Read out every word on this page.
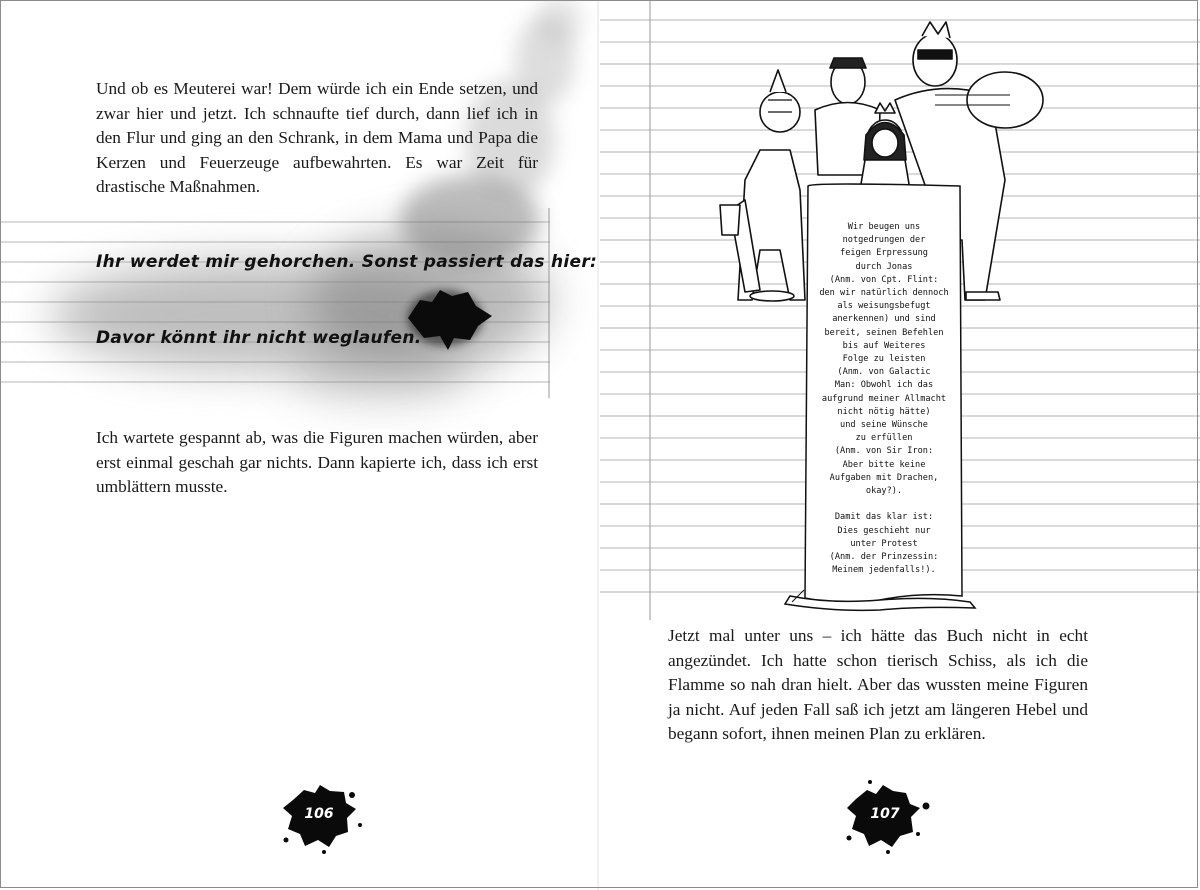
Und ob es Meuterei war! Dem würde ich ein Ende setzen, und zwar hier und jetzt. Ich schnaufte tief durch, dann lief ich in den Flur und ging an den Schrank, in dem Mama und Papa die Kerzen und Feuerzeuge aufbewahrten. Es war Zeit für drastische Maßnahmen.

Ihr werdet mir gehorchen. Sonst passiert das hier:
Davor könnt ihr nicht weglaufen.

Ich wartete gespannt ab, was die Figuren machen würden, aber erst einmal geschah gar nichts. Dann kapierte ich, dass ich erst umblättern musste.

106
Wir beugen uns
notgedrungen der
feigen Erpressung
durch Jonas
(Anm. von Cpt. Flint:
den wir natürlich dennoch
als weisungsbefugt
anerkennen) und sind
bereit, seinen Befehlen
bis auf Weiteres
Folge zu leisten
(Anm. von Galactic
Man: Obwohl ich das
aufgrund meiner Allmacht
nicht nötig hätte)
und seine Wünsche
zu erfüllen
(Anm. von Sir Iron:
Aber bitte keine
Aufgaben mit Drachen,
okay?).

Damit das klar ist:
Dies geschieht nur
unter Protest
(Anm. der Prinzessin:
Meinem jedenfalls!).

Jetzt mal unter uns – ich hätte das Buch nicht in echt angezündet. Ich hatte schon tierisch Schiss, als ich die Flamme so nah dran hielt. Aber das wussten meine Figuren ja nicht. Auf jeden Fall saß ich jetzt am längeren Hebel und begann sofort, ihnen meinen Plan zu erklären.

107
